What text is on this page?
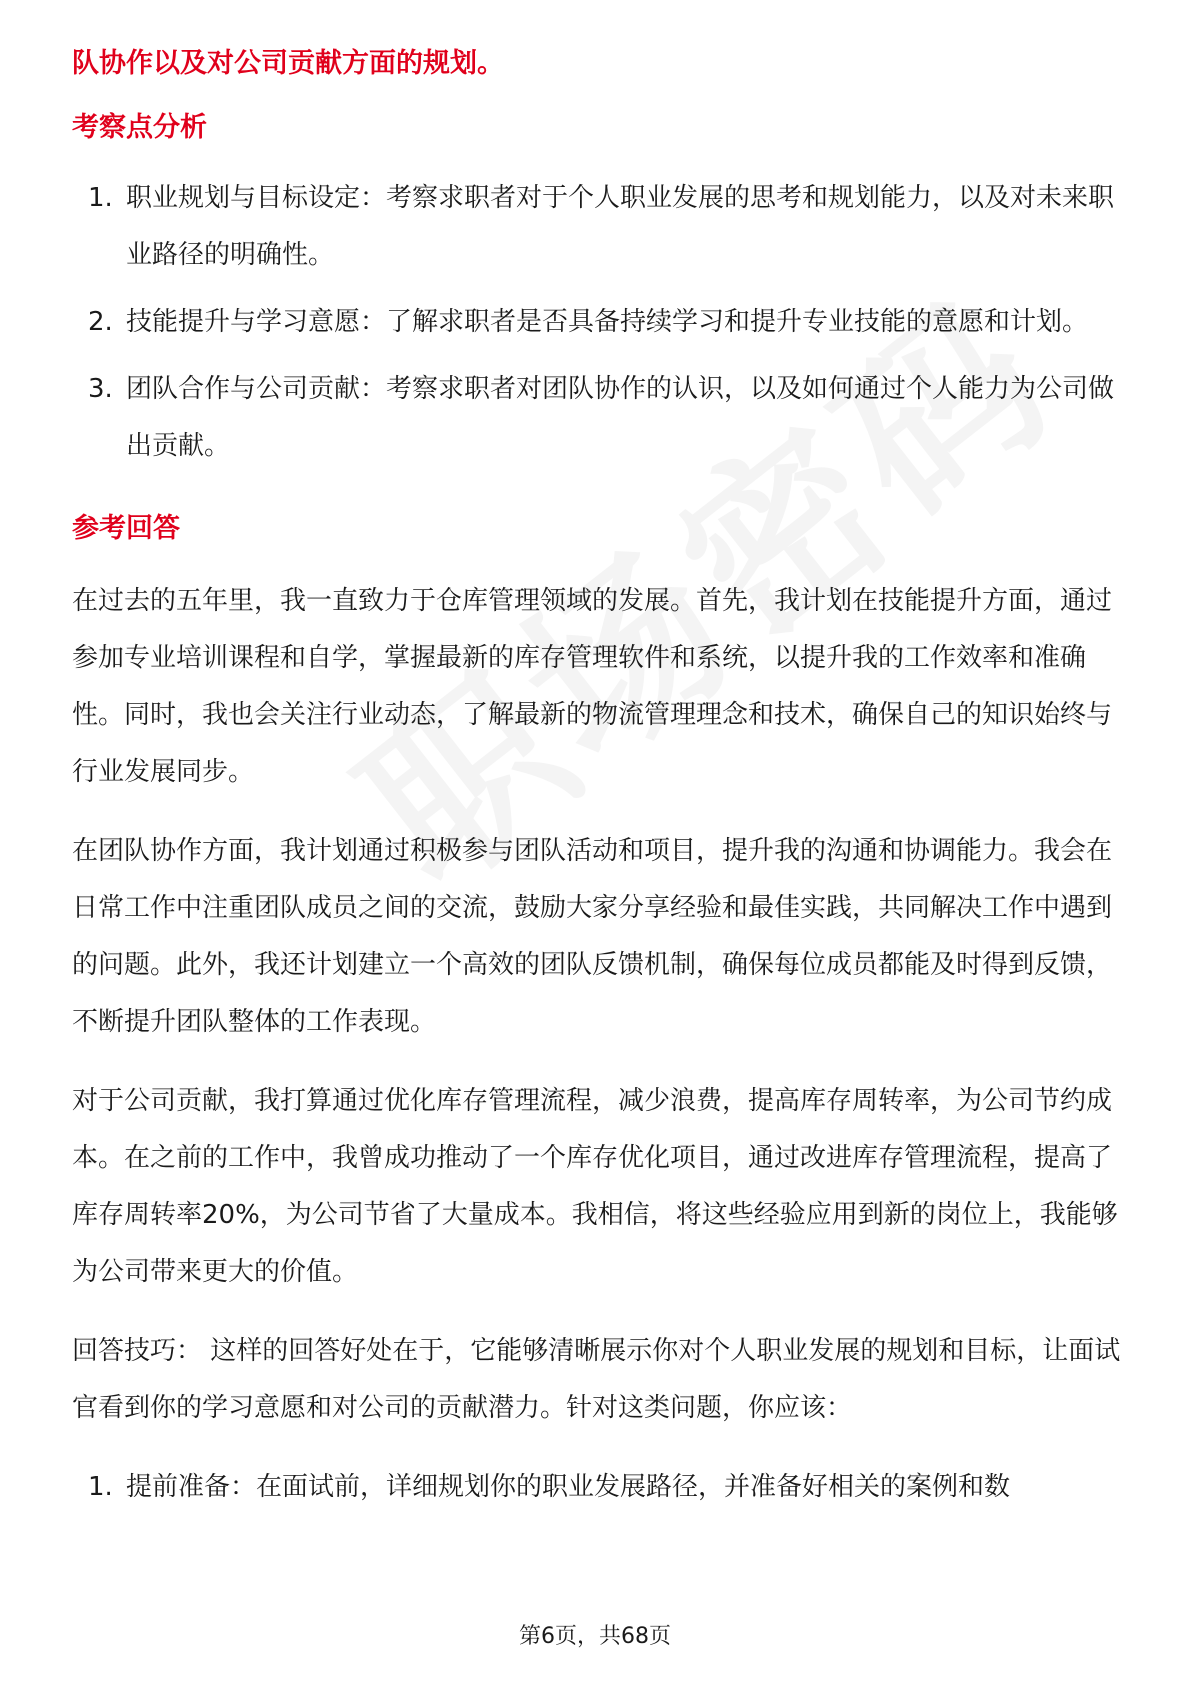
队协作以及对公司贡献方面的规划。

考察点分析
1. 职业规划与目标设定：考察求职者对于个人职业发展的思考和规划能力，以及对未来职业路径的明确性。
2. 技能提升与学习意愿：了解求职者是否具备持续学习和提升专业技能的意愿和计划。
3. 团队合作与公司贡献：考察求职者对团队协作的认识，以及如何通过个人能力为公司做出贡献。
参考回答

在过去的五年里，我一直致力于仓库管理领域的发展。首先，我计划在技能提升方面，通过参加专业培训课程和自学，掌握最新的库存管理软件和系统，以提升我的工作效率和准确性。同时，我也会关注行业动态，了解最新的物流管理理念和技术，确保自己的知识始终与行业发展同步。

在团队协作方面，我计划通过积极参与团队活动和项目，提升我的沟通和协调能力。我会在日常工作中注重团队成员之间的交流，鼓励大家分享经验和最佳实践，共同解决工作中遇到的问题。此外，我还计划建立一个高效的团队反馈机制，确保每位成员都能及时得到反馈，不断提升团队整体的工作表现。

对于公司贡献，我打算通过优化库存管理流程，减少浪费，提高库存周转率，为公司节约成本。在之前的工作中，我曾成功推动了一个库存优化项目，通过改进库存管理流程，提高了库存周转率20%，为公司节省了大量成本。我相信，将这些经验应用到新的岗位上，我能够为公司带来更大的价值。

回答技巧： 这样的回答好处在于，它能够清晰展示你对个人职业发展的规划和目标，让面试官看到你的学习意愿和对公司的贡献潜力。针对这类问题，你应该：

1. 提前准备：在面试前，详细规划你的职业发展路径，并准备好相关的案例和数
第6页，共68页
